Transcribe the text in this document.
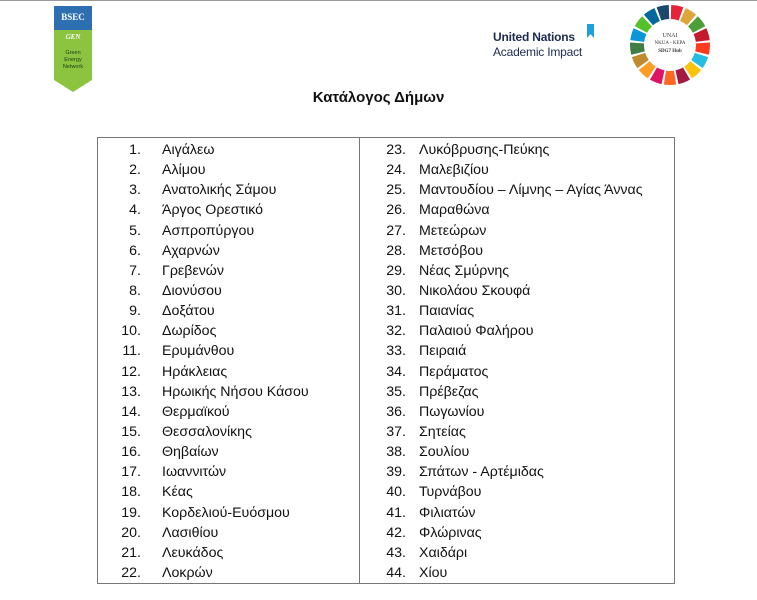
BSEC
GEN
Green
Energy
Network
United Nations
Academic Impact
UNAI
NKUA - KEPA
SDG7 Hub
Κατάλογος Δήμων
1. Αιγάλεω
2. Αλίμου
3. Ανατολικής Σάμου
4. Άργος Ορεστικό
5. Ασπροπύργου
6. Αχαρνών
7. Γρεβενών
8. Διονύσου
9. Δοξάτου
10. Δωρίδος
11. Ερυμάνθου
12. Ηράκλειας
13. Ηρωικής Νήσου Κάσου
14. Θερμαϊκού
15. Θεσσαλονίκης
16. Θηβαίων
17. Ιωαννιτών
18. Κέας
19. Κορδελιού-Ευόσμου
20. Λασιθίου
21. Λευκάδος
22. Λοκρών
23. Λυκόβρυσης-Πεύκης
24. Μαλεβιζίου
25. Μαντουδίου – Λίμνης – Αγίας Άννας
26. Μαραθώνα
27. Μετεώρων
28. Μετσόβου
29. Νέας Σμύρνης
30. Νικολάου Σκουφά
31. Παιανίας
32. Παλαιού Φαλήρου
33. Πειραιά
34. Περάματος
35. Πρέβεζας
36. Πωγωνίου
37. Σητείας
38. Σουλίου
39. Σπάτων - Αρτέμιδας
40. Τυρνάβου
41. Φιλιατών
42. Φλώρινας
43. Χαιδάρι
44. Χίου
